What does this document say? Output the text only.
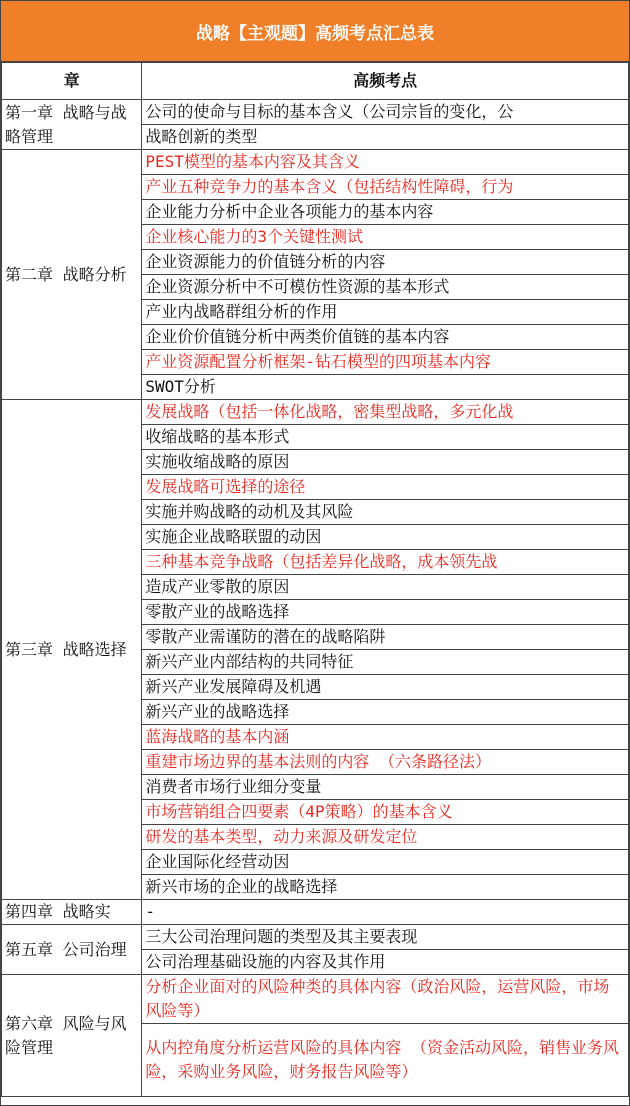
战略【主观题】高频考点汇总表
章	高频考点
第一章 战略与战略管理	公司的使命与目标的基本含义（公司宗旨的变化，公
	战略创新的类型
第二章 战略分析	PEST模型的基本内容及其含义
	产业五种竞争力的基本含义（包括结构性障碍，行为
	企业能力分析中企业各项能力的基本内容
	企业核心能力的3个关键性测试
	企业资源能力的价值链分析的内容
	企业资源分析中不可模仿性资源的基本形式
	产业内战略群组分析的作用
	企业价价值链分析中两类价值链的基本内容
	产业资源配置分析框架-钻石模型的四项基本内容
	SWOT分析
第三章 战略选择	发展战略（包括一体化战略，密集型战略，多元化战
	收缩战略的基本形式
	实施收缩战略的原因
	发展战略可选择的途径
	实施并购战略的动机及其风险
	实施企业战略联盟的动因
	三种基本竞争战略（包括差异化战略，成本领先战
	造成产业零散的原因
	零散产业的战略选择
	零散产业需谨防的潜在的战略陷阱
	新兴产业内部结构的共同特征
	新兴产业发展障碍及机遇
	新兴产业的战略选择
	蓝海战略的基本内涵
	重建市场边界的基本法则的内容 （六条路径法）
	消费者市场行业细分变量
	市场营销组合四要素（4P策略）的基本含义
	研发的基本类型，动力来源及研发定位
	企业国际化经营动因
	新兴市场的企业的战略选择
第四章 战略实	-
第五章 公司治理	三大公司治理问题的类型及其主要表现
	公司治理基础设施的内容及其作用
第六章 风险与风险管理	分析企业面对的风险种类的具体内容（政治风险，运营风险，市场风险等）
	从内控角度分析运营风险的具体内容 （资金活动风险，销售业务风险，采购业务风险，财务报告风险等）
